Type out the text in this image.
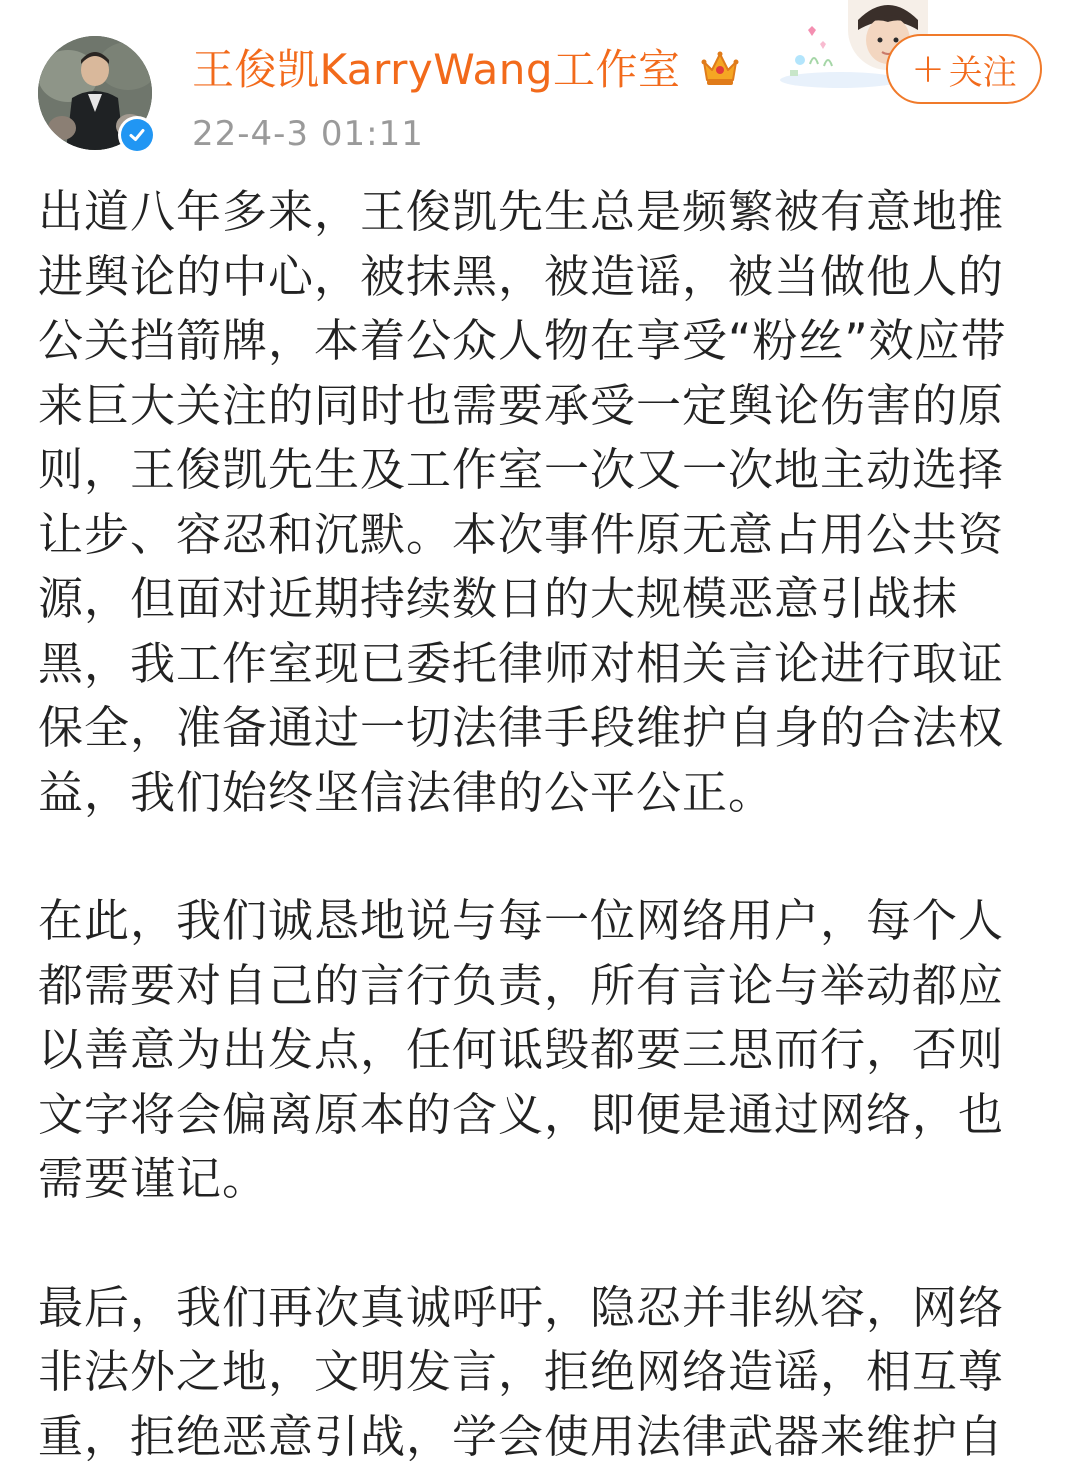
王俊凯KarryWang工作室
22-4-3 01:11
+ 关注

出道八年多来，王俊凯先生总是频繁被有意地推进舆论的中心，被抹黑，被造谣，被当做他人的公关挡箭牌，本着公众人物在享受“粉丝”效应带来巨大关注的同时也需要承受一定舆论伤害的原则，王俊凯先生及工作室一次又一次地主动选择让步、容忍和沉默。本次事件原无意占用公共资源，但面对近期持续数日的大规模恶意引战抹黑，我工作室现已委托律师对相关言论进行取证保全，准备通过一切法律手段维护自身的合法权益，我们始终坚信法律的公平公正。

在此，我们诚恳地说与每一位网络用户，每个人都需要对自己的言行负责，所有言论与举动都应以善意为出发点，任何诋毁都要三思而行，否则文字将会偏离原本的含义，即便是通过网络，也需要谨记。

最后，我们再次真诚呼吁，隐忍并非纵容，网络非法外之地，文明发言，拒绝网络造谣，相互尊重，拒绝恶意引战，学会使用法律武器来维护自
